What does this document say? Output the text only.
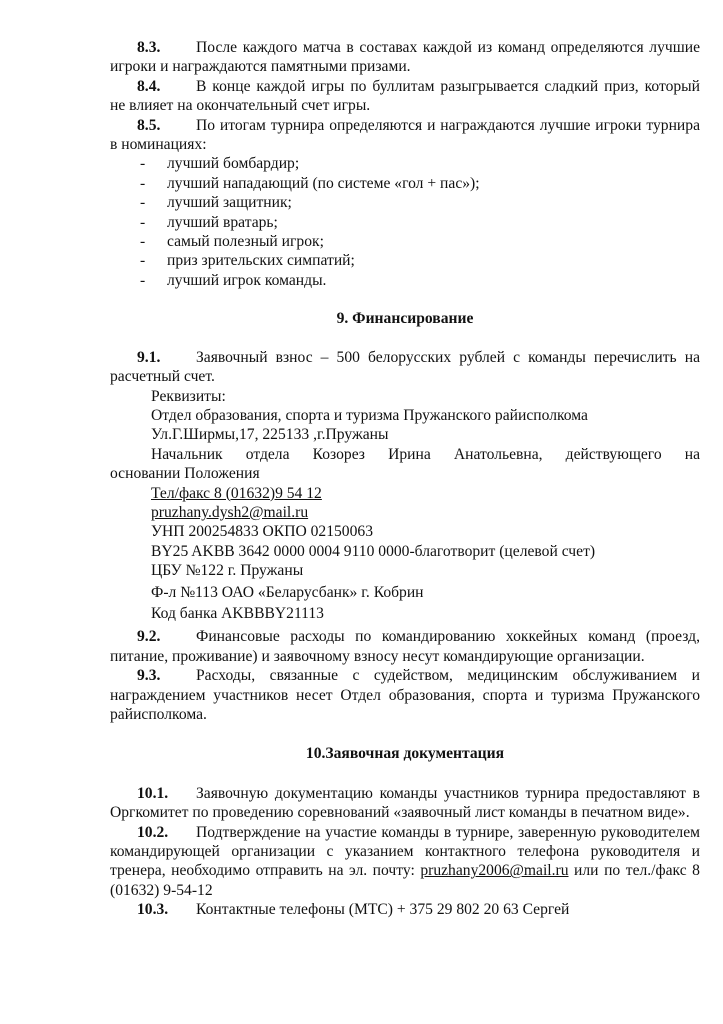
8.3. После каждого матча в составах каждой из команд определяются лучшие игроки и награждаются памятными призами.

8.4. В конце каждой игры по буллитам разыгрывается сладкий приз, который не влияет на окончательный счет игры.

8.5. По итогам турнира определяются и награждаются лучшие игроки турнира в номинациях:

-	лучший бомбардир;
-	лучший нападающий (по системе «гол + пас»);
-	лучший защитник;
-	лучший вратарь;
-	самый полезный игрок;
-	приз зрительских симпатий;
-	лучший игрок команды.

9. Финансирование

9.1. Заявочный взнос – 500 белорусских рублей с команды перечислить на расчетный счет.

Реквизиты:

Отдел образования, спорта и туризма Пружанского райисполкома

Ул.Г.Ширмы,17, 225133 ,г.Пружаны

Начальник отдела Козорез Ирина Анатольевна, действующего на

основании Положения

Тел/факс 8 (01632)9 54 12

pruzhany.dysh2@mail.ru

УНП 200254833 ОКПО 02150063

BY25 AKBB 3642 0000 0004 9110 0000-благотворит (целевой счет)

ЦБУ №122 г. Пружаны

Ф-л №113 ОАО «Беларусбанк» г. Кобрин

Код банка AKBBBY21113

9.2. Финансовые расходы по командированию хоккейных команд (проезд, питание, проживание) и заявочному взносу несут командирующие организации.

9.3. Расходы, связанные с судейством, медицинским обслуживанием и награждением участников несет Отдел образования, спорта и туризма Пружанского райисполкома.

10.Заявочная документация

10.1. Заявочную документацию команды участников турнира предоставляют в Оргкомитет по проведению соревнований «заявочный лист команды в печатном виде».

10.2. Подтверждение на участие команды в турнире, заверенную руководителем командирующей организации с указанием контактного телефона руководителя и тренера, необходимо отправить на эл. почту: pruzhany2006@mail.ru или по тел./факс 8 (01632) 9-54-12

10.3. Контактные телефоны (МТС) + 375 29 802 20 63 Сергей
